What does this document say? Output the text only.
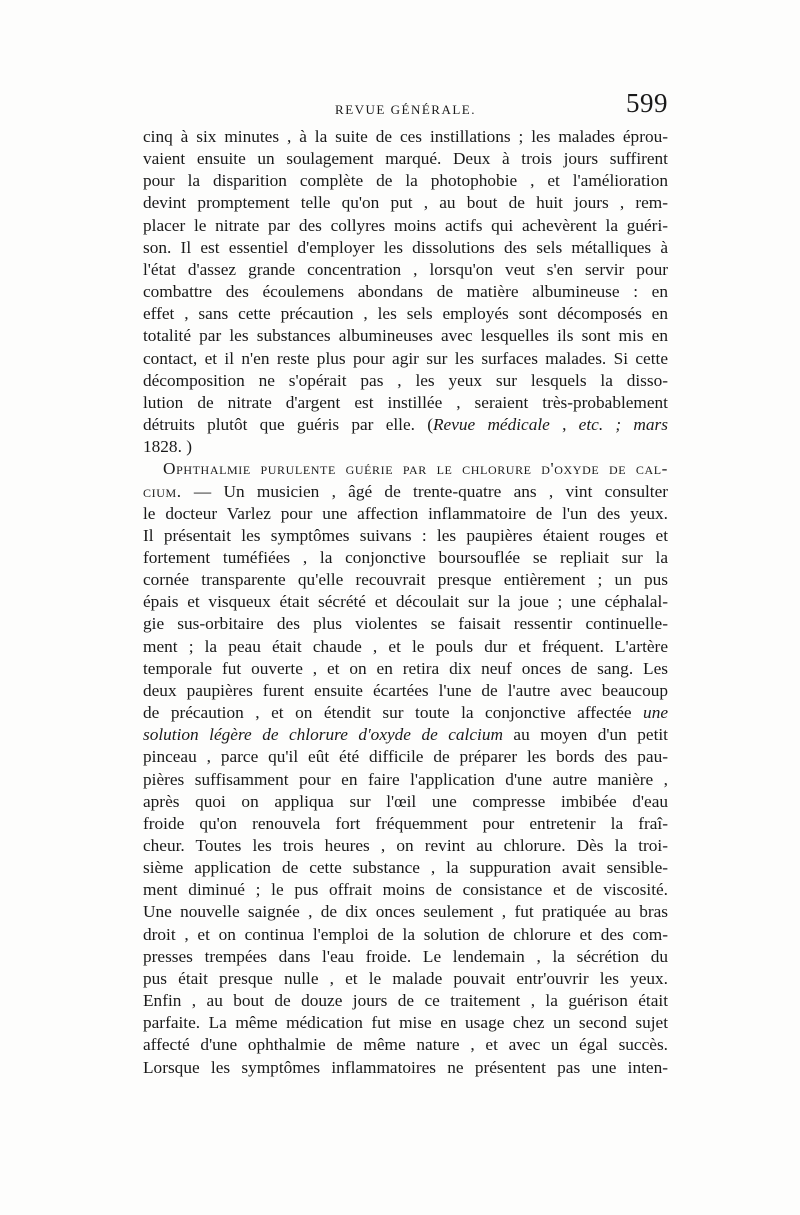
REVUE GÉNÉRALE.	599
cinq à six minutes , à la suite de ces instillations ; les malades éprou-
vaient ensuite un soulagement marqué. Deux à trois jours suffirent
pour la disparition complète de la photophobie , et l'amélioration
devint promptement telle qu'on put , au bout de huit jours , rem-
placer le nitrate par des collyres moins actifs qui achevèrent la guéri-
son. Il est essentiel d'employer les dissolutions des sels métalliques à
l'état d'assez grande concentration , lorsqu'on veut s'en servir pour
combattre des écoulemens abondans de matière albumineuse : en
effet , sans cette précaution , les sels employés sont décomposés en
totalité par les substances albumineuses avec lesquelles ils sont mis en
contact, et il n'en reste plus pour agir sur les surfaces malades. Si cette
décomposition ne s'opérait pas , les yeux sur lesquels la disso-
lution de nitrate d'argent est instillée , seraient très-probablement
détruits plutôt que guéris par elle. (Revue médicale , etc. ; mars
1828. )
Ophthalmie purulente guérie par le chlorure d'oxyde de cal-
cium. — Un musicien , âgé de trente-quatre ans , vint consulter
le docteur Varlez pour une affection inflammatoire de l'un des yeux.
Il présentait les symptômes suivans : les paupières étaient rouges et
fortement tuméfiées , la conjonctive boursouflée se repliait sur la
cornée transparente qu'elle recouvrait presque entièrement ; un pus
épais et visqueux était sécrété et découlait sur la joue ; une céphalal-
gie sus-orbitaire des plus violentes se faisait ressentir continuelle-
ment ; la peau était chaude , et le pouls dur et fréquent. L'artère
temporale fut ouverte , et on en retira dix neuf onces de sang. Les
deux paupières furent ensuite écartées l'une de l'autre avec beaucoup
de précaution , et on étendit sur toute la conjonctive affectée une
solution légère de chlorure d'oxyde de calcium au moyen d'un petit
pinceau , parce qu'il eût été difficile de préparer les bords des pau-
pières suffisamment pour en faire l'application d'une autre manière ,
après quoi on appliqua sur l'œil une compresse imbibée d'eau
froide qu'on renouvela fort fréquemment pour entretenir la fraî-
cheur. Toutes les trois heures , on revint au chlorure. Dès la troi-
sième application de cette substance , la suppuration avait sensible-
ment diminué ; le pus offrait moins de consistance et de viscosité.
Une nouvelle saignée , de dix onces seulement , fut pratiquée au bras
droit , et on continua l'emploi de la solution de chlorure et des com-
presses trempées dans l'eau froide. Le lendemain , la sécrétion du
pus était presque nulle , et le malade pouvait entr'ouvrir les yeux.
Enfin , au bout de douze jours de ce traitement , la guérison était
parfaite. La même médication fut mise en usage chez un second sujet
affecté d'une ophthalmie de même nature , et avec un égal succès.
Lorsque les symptômes inflammatoires ne présentent pas une inten-
